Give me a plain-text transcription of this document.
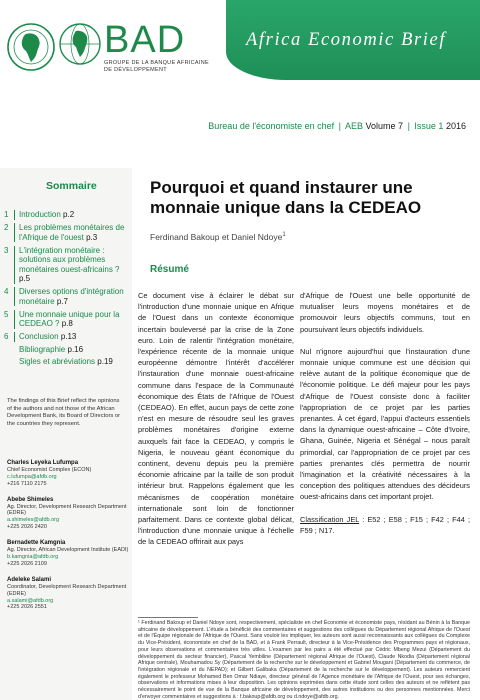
BAD
GROUPE DE LA BANQUE AFRICAINE DE DÉVELOPPEMENT
Africa Economic Brief
Bureau de l'économiste en chef | AEB Volume 7 | Issue 1 2016
Sommaire
1	Introduction p.2
2	Les problèmes monétaires de l'Afrique de l'ouest p.3
3	L'intégration monétaire : solutions aux problèmes monétaires ouest-africains ? p.5
4	Diverses options d'intégration monétaire p.7
5	Une monnaie unique pour la CEDEAO ? p.8
6	Conclusion p.13
Bibliographie p.16
Sigles et abréviations p.19
The findings of this Brief reflect the opinions of the authors and not those of the African Development Bank, its Board of Directors or the countries they represent.
Charles Leyeka Lufumpa
Chief Economist Complex (ECON)
c.lufumpa@afdb.org
+216 7110 2175
Abebe Shimeles
Ag. Director, Development Research Department (EDRE)
a.shimeles@afdb.org
+225 2026 2420
Bernadette Kamgnia
Ag. Director, African Development Institute (EADI)
b.kamgnia@afdb.org
+225 2026 2109
Adeleke Salami
Coordinator, Development Research Department (EDRE)
a.salami@afdb.org
+225 2026 2551
Pourquoi et quand instaurer une monnaie unique dans la CEDEAO
Ferdinand Bakoup et Daniel Ndoye$^1$
Résumé

Ce document vise à éclairer le débat sur l'introduction d'une monnaie unique en Afrique de l'Ouest dans un contexte économique incertain bouleversé par la crise de la Zone euro. Loin de ralentir l'intégration monétaire, l'expérience récente de la monnaie unique européenne démontre l'intérêt d'accélérer l'instauration d'une monnaie ouest-africaine commune dans l'espace de la Communauté économique des États de l'Afrique de l'Ouest (CEDEAO). En effet, aucun pays de cette zone n'est en mesure de résoudre seul les graves problèmes monétaires d'origine externe auxquels fait face la CEDEAO, y compris le Nigeria, le nouveau géant économique du continent, devenu depuis peu la première économie africaine par la taille de son produit intérieur brut. Rappelons également que les mécanismes de coopération monétaire internationale sont loin de fonctionner parfaitement. Dans ce contexte global délicat, l'introduction d'une monnaie unique à l'échelle de la CEDEAO offrirait aux pays

d'Afrique de l'Ouest une belle opportunité de mutualiser leurs moyens monétaires et de promouvoir leurs objectifs communs, tout en poursuivant leurs objectifs individuels.

Nul n'ignore aujourd'hui que l'instauration d'une monnaie unique commune est une décision qui relève autant de la politique économique que de l'économie politique. Le défi majeur pour les pays d'Afrique de l'Ouest consiste donc à faciliter l'appropriation de ce projet par les parties prenantes. À cet égard, l'appui d'acteurs essentiels dans la dynamique ouest-africaine – Côte d'Ivoire, Ghana, Guinée, Nigeria et Sénégal – nous paraît primordial, car l'appropriation de ce projet par ces parties prenantes clés permettra de nourrir l'imagination et la créativité nécessaires à la conception des politiques attendues des décideurs ouest-africains dans cet important projet.

Classification JEL : E52 ; E58 ; F15 ; F42 ; F44 ; F59 ; N17.

¹ Ferdinand Bakoup et Daniel Ndoye sont, respectivement, spécialiste en chef Économie et économiste pays, résidant au Bénin à la Banque africaine de développement. L'étude a bénéficié des commentaires et suggestions des collègues du Département régional Afrique de l'Ouest et de l'Équipe régionale de l'Afrique de l'Ouest. Sans vouloir les impliquer, les auteurs sont aussi reconnaissants aux collègues du Complexe du Vice-Président, économiste en chef de la BAD, et à Frank Perrault, directeur à la Vice-Présidence des Programmes pays et régionaux, pour leurs observations et commentaires très utiles. L'examen par les pairs a été effectué par Cédric Mbeng Mezui (Département du développement du secteur financier), Pascal Yembiline (Département régional Afrique de l'Ouest), Claude Nkodia (Département régional Afrique centrale), Mouhamadou Sy (Département de la recherche sur le développement et Gabriel Mougani (Département du commerce, de l'intégration régionale et du NEPAD); et Gilbert Galibaka (Département de la recherche sur le développement). Les auteurs remercient également le professeur Mohamed Ben Omar Ndiaye, directeur général de l'Agence monétaire de l'Afrique de l'Ouest, pour ses échanges, observations et informations mises à leur disposition. Les opinions exprimées dans cette étude sont celles des auteurs et ne reflètent pas nécessairement le point de vue de la Banque africaine de développement, des autres institutions ou des personnes mentionnées. Merci d'envoyer commentaires et suggestions à : f.bakoup@afdb.org ou d.ndoye@afdb.org.
